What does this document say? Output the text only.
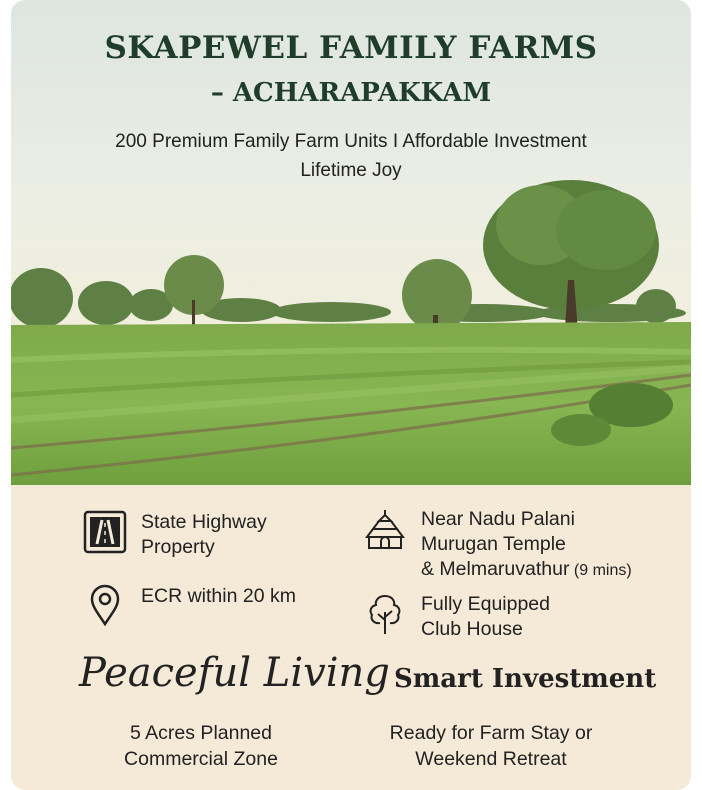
SKAPEWEL FAMILY FARMS
– ACHARAPAKKAM
200 Premium Family Farm Units I Affordable Investment
Lifetime Joy
State Highway
Property
ECR within 20 km
Near Nadu Palani
Murugan Temple
& Melmaruvathur (9 mins)
Fully Equipped
Club House
Peaceful Living Smart Investment
5 Acres Planned
Commercial Zone
Ready for Farm Stay or
Weekend Retreat
